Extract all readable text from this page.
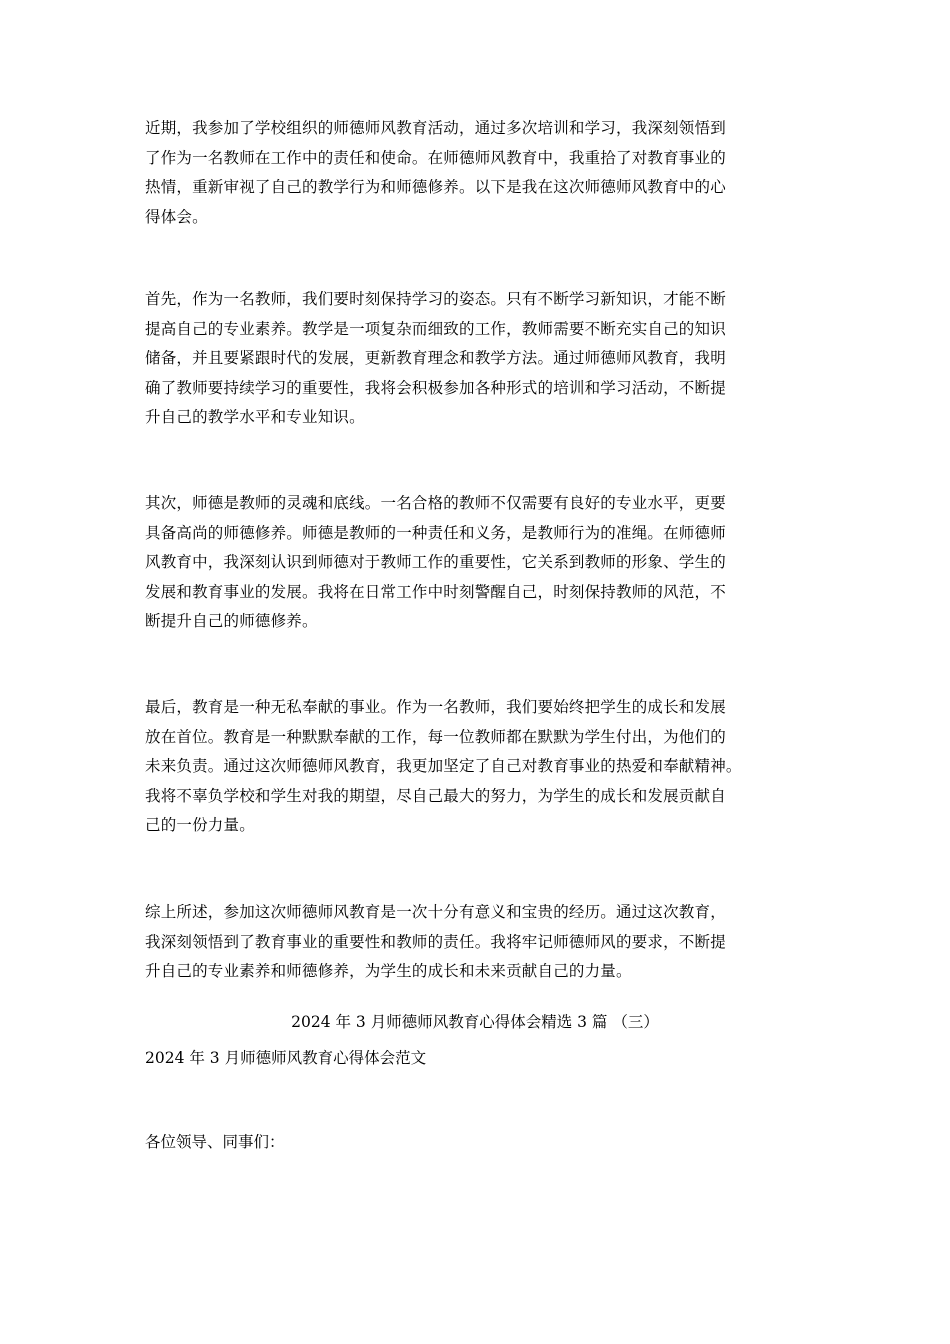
近期，我参加了学校组织的师德师风教育活动，通过多次培训和学习，我深刻领悟到
了作为一名教师在工作中的责任和使命。在师德师风教育中，我重拾了对教育事业的
热情，重新审视了自己的教学行为和师德修养。以下是我在这次师德师风教育中的心
得体会。
首先，作为一名教师，我们要时刻保持学习的姿态。只有不断学习新知识，才能不断
提高自己的专业素养。教学是一项复杂而细致的工作，教师需要不断充实自己的知识
储备，并且要紧跟时代的发展，更新教育理念和教学方法。通过师德师风教育，我明
确了教师要持续学习的重要性，我将会积极参加各种形式的培训和学习活动，不断提
升自己的教学水平和专业知识。
其次，师德是教师的灵魂和底线。一名合格的教师不仅需要有良好的专业水平，更要
具备高尚的师德修养。师德是教师的一种责任和义务，是教师行为的准绳。在师德师
风教育中，我深刻认识到师德对于教师工作的重要性，它关系到教师的形象、学生的
发展和教育事业的发展。我将在日常工作中时刻警醒自己，时刻保持教师的风范，不
断提升自己的师德修养。
最后，教育是一种无私奉献的事业。作为一名教师，我们要始终把学生的成长和发展
放在首位。教育是一种默默奉献的工作，每一位教师都在默默为学生付出，为他们的
未来负责。通过这次师德师风教育，我更加坚定了自己对教育事业的热爱和奉献精神。
我将不辜负学校和学生对我的期望，尽自己最大的努力，为学生的成长和发展贡献自
己的一份力量。
综上所述，参加这次师德师风教育是一次十分有意义和宝贵的经历。通过这次教育，
我深刻领悟到了教育事业的重要性和教师的责任。我将牢记师德师风的要求，不断提
升自己的专业素养和师德修养，为学生的成长和未来贡献自己的力量。
2024 年 3 月师德师风教育心得体会精选 3 篇 （三）
2024 年 3 月师德师风教育心得体会范文
各位领导、同事们：
